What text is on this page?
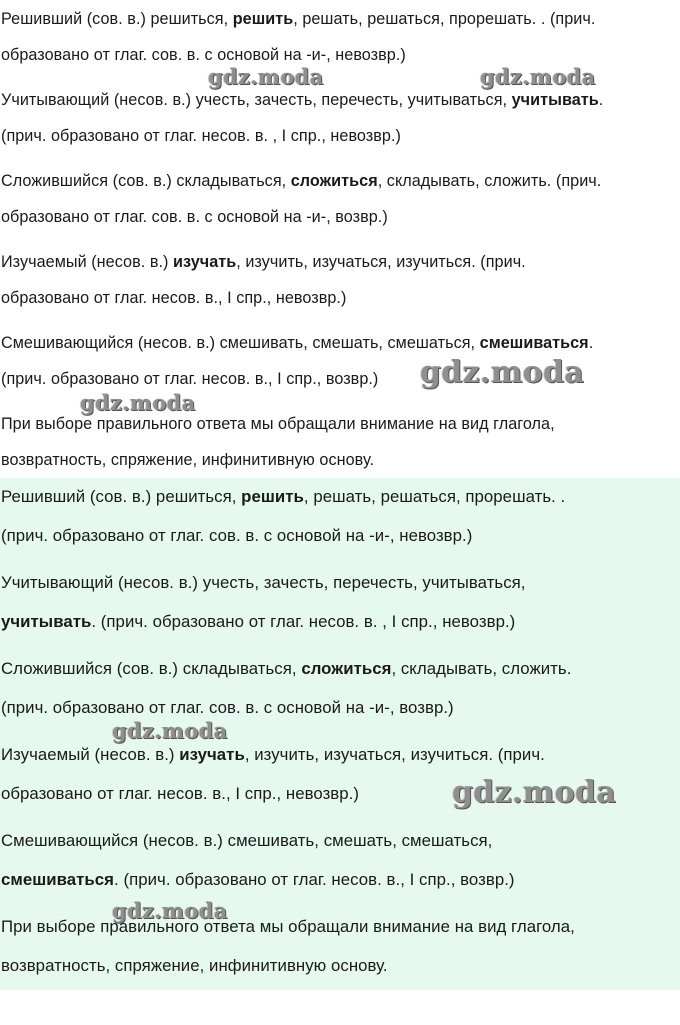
Решивший (сов. в.) решиться, решить, решать, решаться, прорешать. . (прич.
образовано от глаг. сов. в. с основой на -и-, невозвр.)
Учитывающий (несов. в.) учесть, зачесть, перечесть, учитываться, учитывать.
(прич. образовано от глаг. несов. в. , I спр., невозвр.)
Сложившийся (сов. в.) складываться, сложиться, складывать, сложить. (прич.
образовано от глаг. сов. в. с основой на -и-, возвр.)
Изучаемый (несов. в.) изучать, изучить, изучаться, изучиться. (прич.
образовано от глаг. несов. в., I спр., невозвр.)
Смешивающийся (несов. в.) смешивать, смешать, смешаться, смешиваться.
(прич. образовано от глаг. несов. в., I спр., возвр.)
При выборе правильного ответа мы обращали внимание на вид глагола,
возвратность, спряжение, инфинитивную основу.
Решивший (сов. в.) решиться, решить, решать, решаться, прорешать. .
(прич. образовано от глаг. сов. в. с основой на -и-, невозвр.)
Учитывающий (несов. в.) учесть, зачесть, перечесть, учитываться,
учитывать. (прич. образовано от глаг. несов. в. , I спр., невозвр.)
Сложившийся (сов. в.) складываться, сложиться, складывать, сложить.
(прич. образовано от глаг. сов. в. с основой на -и-, возвр.)
Изучаемый (несов. в.) изучать, изучить, изучаться, изучиться. (прич.
образовано от глаг. несов. в., I спр., невозвр.)
Смешивающийся (несов. в.) смешивать, смешать, смешаться,
смешиваться. (прич. образовано от глаг. несов. в., I спр., возвр.)
При выборе правильного ответа мы обращали внимание на вид глагола,
возвратность, спряжение, инфинитивную основу.
gdz.moda	gdz.moda
gdz.moda
gdz.moda
gdz.moda
gdz.moda
gdz.moda
